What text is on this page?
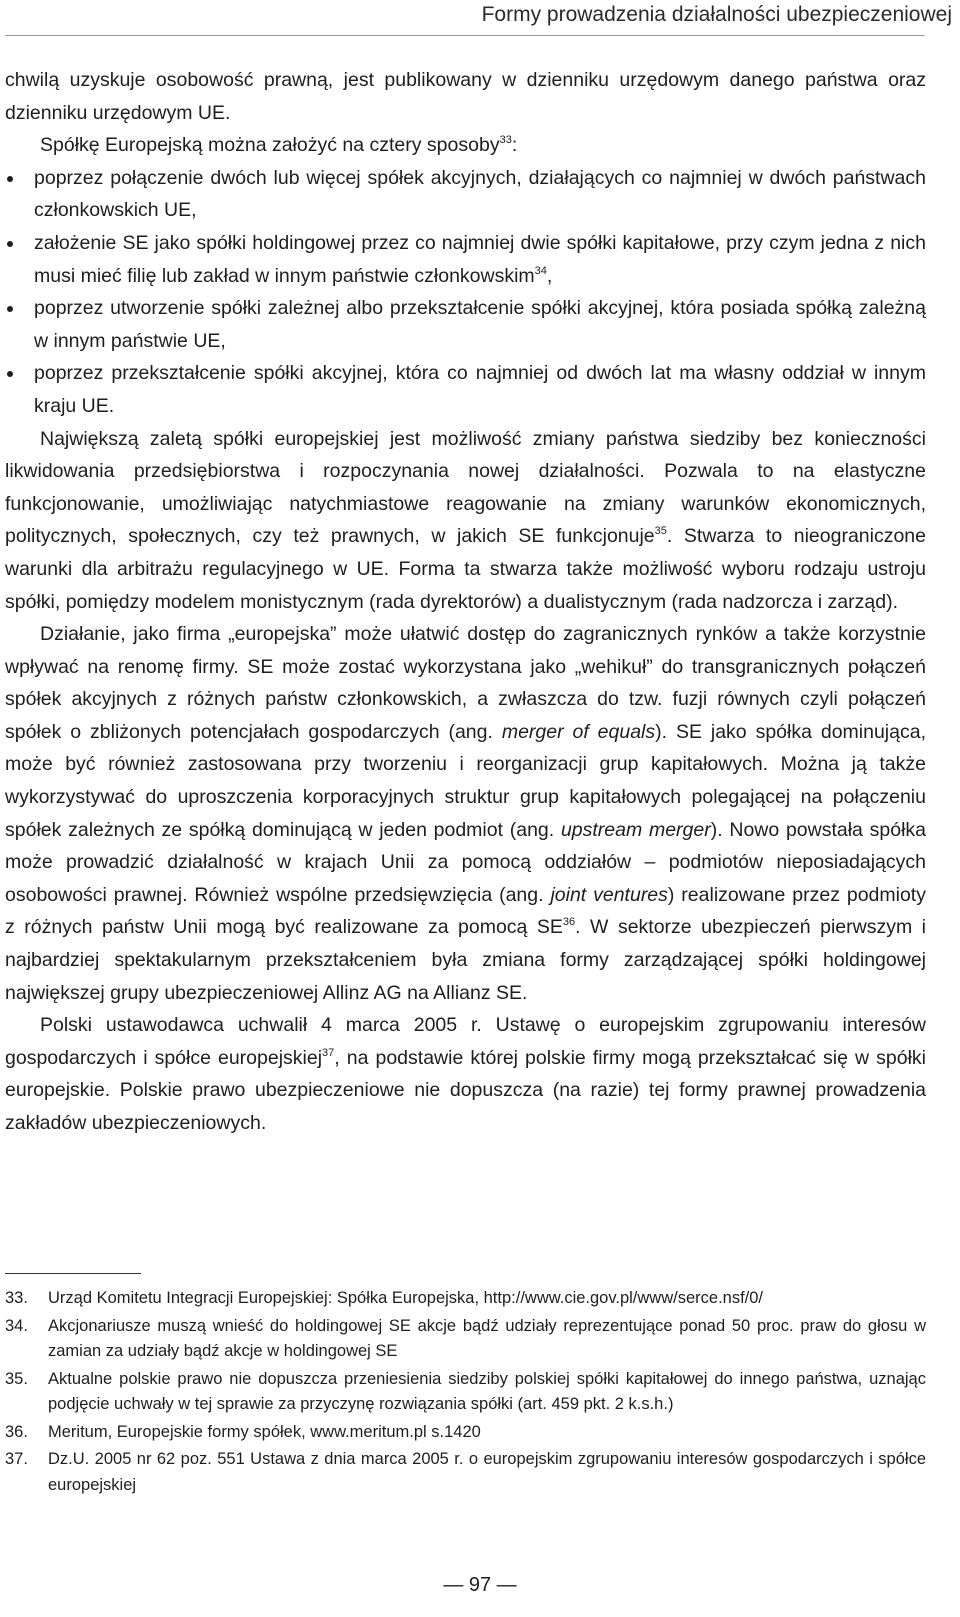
Formy prowadzenia działalności ubezpieczeniowej

chwilą uzyskuje osobowość prawną, jest publikowany w dzienniku urzędowym danego państwa oraz dzienniku urzędowym UE.

Spółkę Europejską można założyć na cztery sposoby$^{33}$:

poprzez połączenie dwóch lub więcej spółek akcyjnych, działających co najmniej w dwóch państwach członkowskich UE,
założenie SE jako spółki holdingowej przez co najmniej dwie spółki kapitałowe, przy czym jedna z nich musi mieć filię lub zakład w innym państwie członkowskim$^{34}$,
poprzez utworzenie spółki zależnej albo przekształcenie spółki akcyjnej, która posiada spółką zależną w innym państwie UE,
poprzez przekształcenie spółki akcyjnej, która co najmniej od dwóch lat ma własny oddział w innym kraju UE.

Największą zaletą spółki europejskiej jest możliwość zmiany państwa siedziby bez konieczności likwidowania przedsiębiorstwa i rozpoczynania nowej działalności. Pozwala to na elastyczne funkcjonowanie, umożliwiając natychmiastowe reagowanie na zmiany warunków ekonomicznych, politycznych, społecznych, czy też prawnych, w jakich SE funkcjonuje$^{35}$. Stwarza to nieograniczone warunki dla arbitrażu regulacyjnego w UE. Forma ta stwarza także możliwość wyboru rodzaju ustroju spółki, pomiędzy modelem monistycznym (rada dyrektorów) a dualistycznym (rada nadzorcza i zarząd).

Działanie, jako firma „europejska” może ułatwić dostęp do zagranicznych rynków a także korzystnie wpływać na renomę firmy. SE może zostać wykorzystana jako „wehikuł” do transgranicznych połączeń spółek akcyjnych z różnych państw członkowskich, a zwłaszcza do tzw. fuzji równych czyli połączeń spółek o zbliżonych potencjałach gospodarczych (ang. merger of equals). SE jako spółka dominująca, może być również zastosowana przy tworzeniu i reorganizacji grup kapitałowych. Można ją także wykorzystywać do uproszczenia korporacyjnych struktur grup kapitałowych polegającej na połączeniu spółek zależnych ze spółką dominującą w jeden podmiot (ang. upstream merger). Nowo powstała spółka może prowadzić działalność w krajach Unii za pomocą oddziałów – podmiotów nieposiadających osobowości prawnej. Również wspólne przedsięwzięcia (ang. joint ventures) realizowane przez podmioty z różnych państw Unii mogą być realizowane za pomocą SE$^{36}$. W sektorze ubezpieczeń pierwszym i najbardziej spektakularnym przekształceniem była zmiana formy zarządzającej spółki holdingowej największej grupy ubezpieczeniowej Allinz AG na Allianz SE.

Polski ustawodawca uchwalił 4 marca 2005 r. Ustawę o europejskim zgrupowaniu interesów gospodarczych i spółce europejskiej$^{37}$, na podstawie której polskie firmy mogą przekształcać się w spółki europejskie. Polskie prawo ubezpieczeniowe nie dopuszcza (na razie) tej formy prawnej prowadzenia zakładów ubezpieczeniowych.

33. Urząd Komitetu Integracji Europejskiej: Spółka Europejska, http://www.cie.gov.pl/www/serce.nsf/0/
34. Akcjonariusze muszą wnieść do holdingowej SE akcje bądź udziały reprezentujące ponad 50 proc. praw do głosu w zamian za udziały bądź akcje w holdingowej SE
35. Aktualne polskie prawo nie dopuszcza przeniesienia siedziby polskiej spółki kapitałowej do innego państwa, uznając podjęcie uchwały w tej sprawie za przyczynę rozwiązania spółki (art. 459 pkt. 2 k.s.h.)
36. Meritum, Europejskie formy spółek, www.meritum.pl s.1420
37. Dz.U. 2005 nr 62 poz. 551 Ustawa z dnia marca 2005 r. o europejskim zgrupowaniu interesów gospodarczych i spółce europejskiej
— 97 —
